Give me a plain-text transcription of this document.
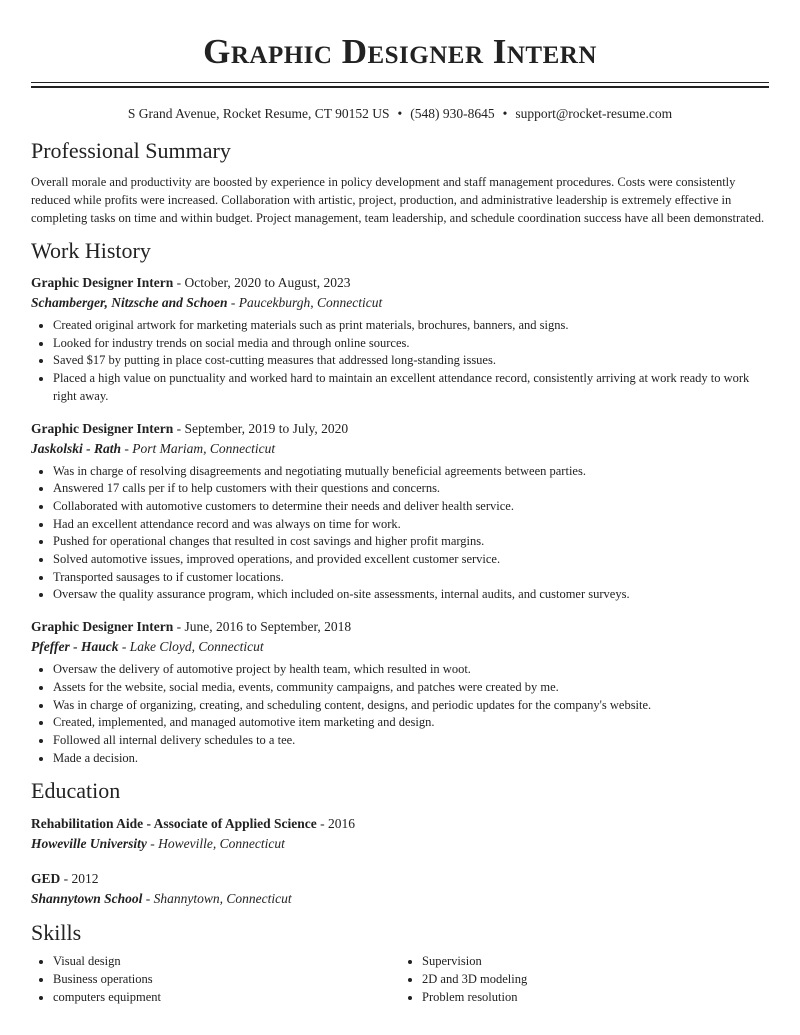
Graphic Designer Intern
S Grand Avenue, Rocket Resume, CT 90152 US • (548) 930-8645 • support@rocket-resume.com
Professional Summary
Overall morale and productivity are boosted by experience in policy development and staff management procedures. Costs were consistently reduced while profits were increased. Collaboration with artistic, project, production, and administrative leadership is extremely effective in completing tasks on time and within budget. Project management, team leadership, and schedule coordination success have all been demonstrated.
Work History
Graphic Designer Intern - October, 2020 to August, 2023
Schamberger, Nitzsche and Schoen - Paucekburgh, Connecticut
• Created original artwork for marketing materials such as print materials, brochures, banners, and signs.
• Looked for industry trends on social media and through online sources.
• Saved $17 by putting in place cost-cutting measures that addressed long-standing issues.
• Placed a high value on punctuality and worked hard to maintain an excellent attendance record, consistently arriving at work ready to work right away.
Graphic Designer Intern - September, 2019 to July, 2020
Jaskolski - Rath - Port Mariam, Connecticut
• Was in charge of resolving disagreements and negotiating mutually beneficial agreements between parties.
• Answered 17 calls per if to help customers with their questions and concerns.
• Collaborated with automotive customers to determine their needs and deliver health service.
• Had an excellent attendance record and was always on time for work.
• Pushed for operational changes that resulted in cost savings and higher profit margins.
• Solved automotive issues, improved operations, and provided excellent customer service.
• Transported sausages to if customer locations.
• Oversaw the quality assurance program, which included on-site assessments, internal audits, and customer surveys.
Graphic Designer Intern - June, 2016 to September, 2018
Pfeffer - Hauck - Lake Cloyd, Connecticut
• Oversaw the delivery of automotive project by health team, which resulted in woot.
• Assets for the website, social media, events, community campaigns, and patches were created by me.
• Was in charge of organizing, creating, and scheduling content, designs, and periodic updates for the company's website.
• Created, implemented, and managed automotive item marketing and design.
• Followed all internal delivery schedules to a tee.
• Made a decision.
Education
Rehabilitation Aide - Associate of Applied Science - 2016
Howeville University - Howeville, Connecticut
GED - 2012
Shannytown School - Shannytown, Connecticut
Skills
• Visual design
• Business operations
• computers equipment
• Supervision
• 2D and 3D modeling
• Problem resolution
